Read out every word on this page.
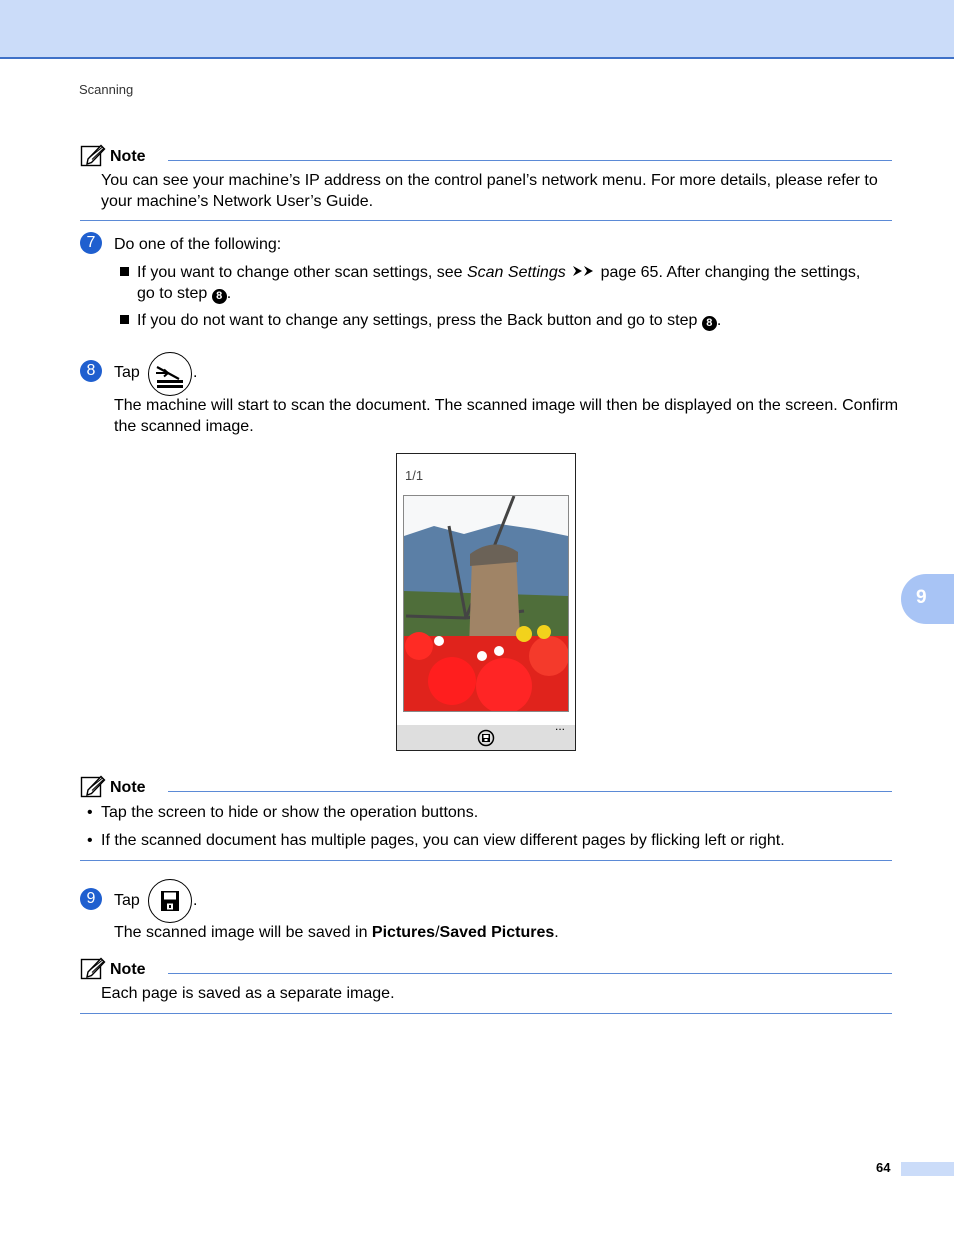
Scanning
Note
You can see your machine’s IP address on the control panel’s network menu. For more details, please refer to your machine’s Network User’s Guide.
7	Do one of the following:
If you want to change other scan settings, see Scan Settings  page 65. After changing the settings,
go to step 8 .
If you do not want to change any settings, press the Back button and go to step 8 .
8	Tap	.
The machine will start to scan the document. The scanned image will then be displayed on the screen. Confirm the scanned image.
1/1
...
Note
• Tap the screen to hide or show the operation buttons.
• If the scanned document has multiple pages, you can view different pages by flicking left or right.
9	Tap	.
The scanned image will be saved in Pictures/Saved Pictures.
Note
Each page is saved as a separate image.
9
64
